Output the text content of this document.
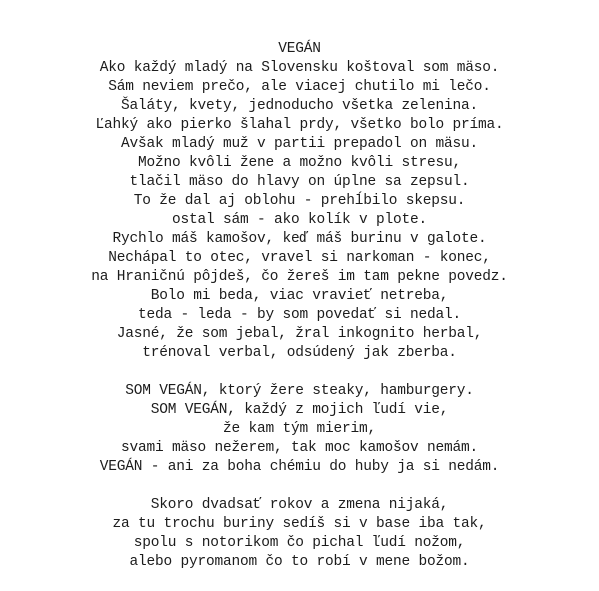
VEGÁN
Ako každý mladý na Slovensku koštoval som mäso.
Sám neviem prečo, ale viacej chutilo mi lečo.
Šaláty, kvety, jednoducho všetka zelenina.
Ľahký ako pierko šlahal prdy, všetko bolo príma.
Avšak mladý muž v partii prepadol on mäsu.
Možno kvôli žene a možno kvôli stresu,
tlačil mäso do hlavy on úplne sa zepsul.
To že dal aj oblohu - prehĺbilo skepsu.
ostal sám - ako kolík v plote.
Rychlo máš kamošov, keď máš burinu v galote.
Nechápal to otec, vravel si narkoman - konec,
na Hraničnú pôjdeš, čo žereš im tam pekne povedz.
Bolo mi beda, viac vravieť netreba,
teda - leda - by som povedať si nedal.
Jasné, že som jebal, žral inkognito herbal,
trénoval verbal, odsúdený jak zberba.
SOM VEGÁN, ktorý žere steaky, hamburgery.
SOM VEGÁN, každý z mojich ľudí vie,
že kam tým mierim,
svami mäso nežerem, tak moc kamošov nemám.
VEGÁN - ani za boha chémiu do huby ja si nedám.
Skoro dvadsať rokov a zmena nijaká,
za tu trochu buriny sedíš si v base iba tak,
spolu s notorikom čo pichal ľudí nožom,
alebo pyromanom čo to robí v mene božom.
